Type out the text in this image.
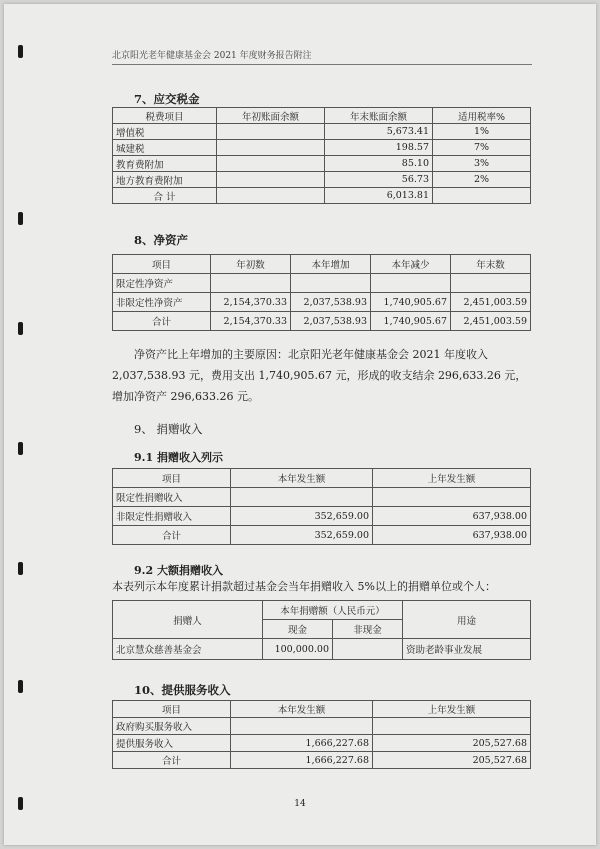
北京阳光老年健康基金会 2021 年度财务报告附注
7、应交税金
税费项目	年初账面余额	年末账面余额	适用税率%
增值税		5,673.41	1%
城建税		198.57	7%
教育费附加		85.10	3%
地方教育费附加		56.73	2%
合 计		6,013.81	
8、净资产
项目	年初数	本年增加	本年减少	年末数
限定性净资产				
非限定性净资产	2,154,370.33	2,037,538.93	1,740,905.67	2,451,003.59
合计	2,154,370.33	2,037,538.93	1,740,905.67	2,451,003.59
净资产比上年增加的主要原因：北京阳光老年健康基金会 2021 年度收入
2,037,538.93 元，费用支出 1,740,905.67 元，形成的收支结余 296,633.26 元，
增加净资产 296,633.26 元。
9、 捐赠收入
9.1 捐赠收入列示
项目	本年发生额	上年发生额
限定性捐赠收入		
非限定性捐赠收入	352,659.00	637,938.00
合计	352,659.00	637,938.00
9.2 大额捐赠收入
本表列示本年度累计捐款超过基金会当年捐赠收入 5%以上的捐赠单位或个人：
捐赠人	本年捐赠额（人民币元）		用途
	现金	非现金	
北京慧众慈善基金会	100,000.00		资助老龄事业发展
10、提供服务收入
项目	本年发生额	上年发生额
政府购买服务收入		
提供服务收入	1,666,227.68	205,527.68
合计	1,666,227.68	205,527.68
14
